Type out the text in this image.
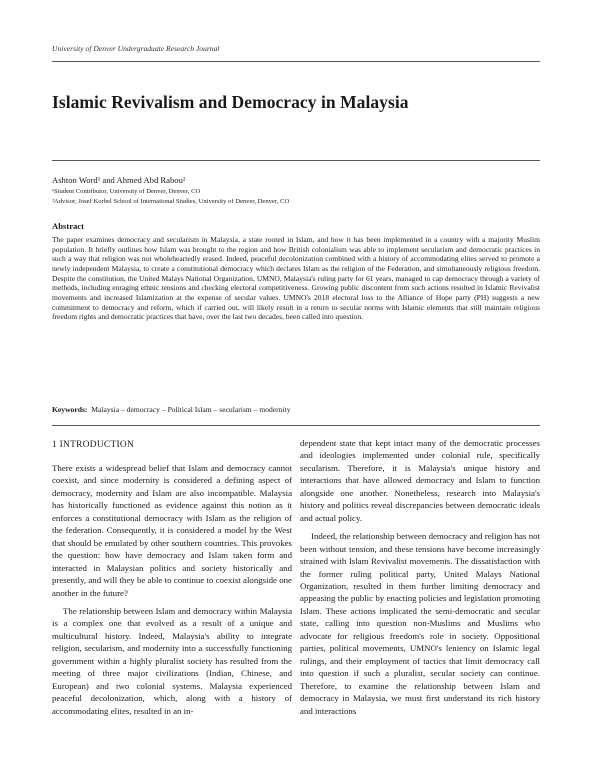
University of Denver Undergraduate Research Journal
Islamic Revivalism and Democracy in Malaysia
Ashton Word¹ and Ahmed Abd Rabou²
¹Student Contributor, University of Denver, Denver, CO
²Advisor, Josef Korbel School of International Studies, University of Denver, Denver, CO
Abstract

The paper examines democracy and secularism in Malaysia, a state rooted in Islam, and how it has been implemented in a country with a majority Muslim population. It briefly outlines how Islam was brought to the region and how British colonialism was able to implement secularism and democratic practices in such a way that religion was not wholeheartedly erased. Indeed, peaceful decolonization combined with a history of accommodating elites served to promote a newly independent Malaysia, to create a constitutional democracy which declares Islam as the religion of the Federation, and simultaneously religious freedom. Despite the constitution, the United Malays National Organization, UMNO, Malaysia's ruling party for 61 years, managed to cap democracy through a variety of methods, including enraging ethnic tensions and checking electoral competitiveness. Growing public discontent from such actions resulted in Islamic Revivalist movements and increased Islamization at the expense of secular values. UMNO's 2018 electoral loss to the Alliance of Hope party (PH) suggests a new commitment to democracy and reform, which if carried out, will likely result in a return to secular norms with Islamic elements that still maintain religious freedom rights and democratic practices that have, over the last two decades, been called into question.

Keywords: Malaysia – democracy – Political Islam – secularism – modernity
1 INTRODUCTION

There exists a widespread belief that Islam and democracy cannot coexist, and since modernity is considered a defining aspect of democracy, modernity and Islam are also incompatible. Malaysia has historically functioned as evidence against this notion as it enforces a constitutional democracy with Islam as the religion of the federation. Consequently, it is considered a model by the West that should be emulated by other southern countries. This provokes the question: how have democracy and Islam taken form and interacted in Malaysian politics and society historically and presently, and will they be able to continue to coexist alongside one another in the future?

The relationship between Islam and democracy within Malaysia is a complex one that evolved as a result of a unique and multicultural history. Indeed, Malaysia's ability to integrate religion, secularism, and modernity into a successfully functioning government within a highly pluralist society has resulted from the meeting of three major civilizations (Indian, Chinese, and European) and two colonial systems. Malaysia experienced peaceful decolonization, which, along with a history of accommodating elites, resulted in an in-

dependent state that kept intact many of the democratic processes and ideologies implemented under colonial rule, specifically secularism. Therefore, it is Malaysia's unique history and interactions that have allowed democracy and Islam to function alongside one another. Nonetheless, research into Malaysia's history and politics reveal discrepancies between democratic ideals and actual policy.

Indeed, the relationship between democracy and religion has not been without tension, and these tensions have become increasingly strained with Islam Revivalist movements. The dissatisfaction with the former ruling political party, United Malays National Organization, resulted in them further limiting democracy and appeasing the public by enacting policies and legislation promoting Islam. These actions implicated the semi-democratic and secular state, calling into question non-Muslims and Muslims who advocate for religious freedom's role in society. Oppositional parties, political movements, UMNO's leniency on Islamic legal rulings, and their employment of tactics that limit democracy call into question if such a pluralist, secular society can continue. Therefore, to examine the relationship between Islam and democracy in Malaysia, we must first understand its rich history and interactions
